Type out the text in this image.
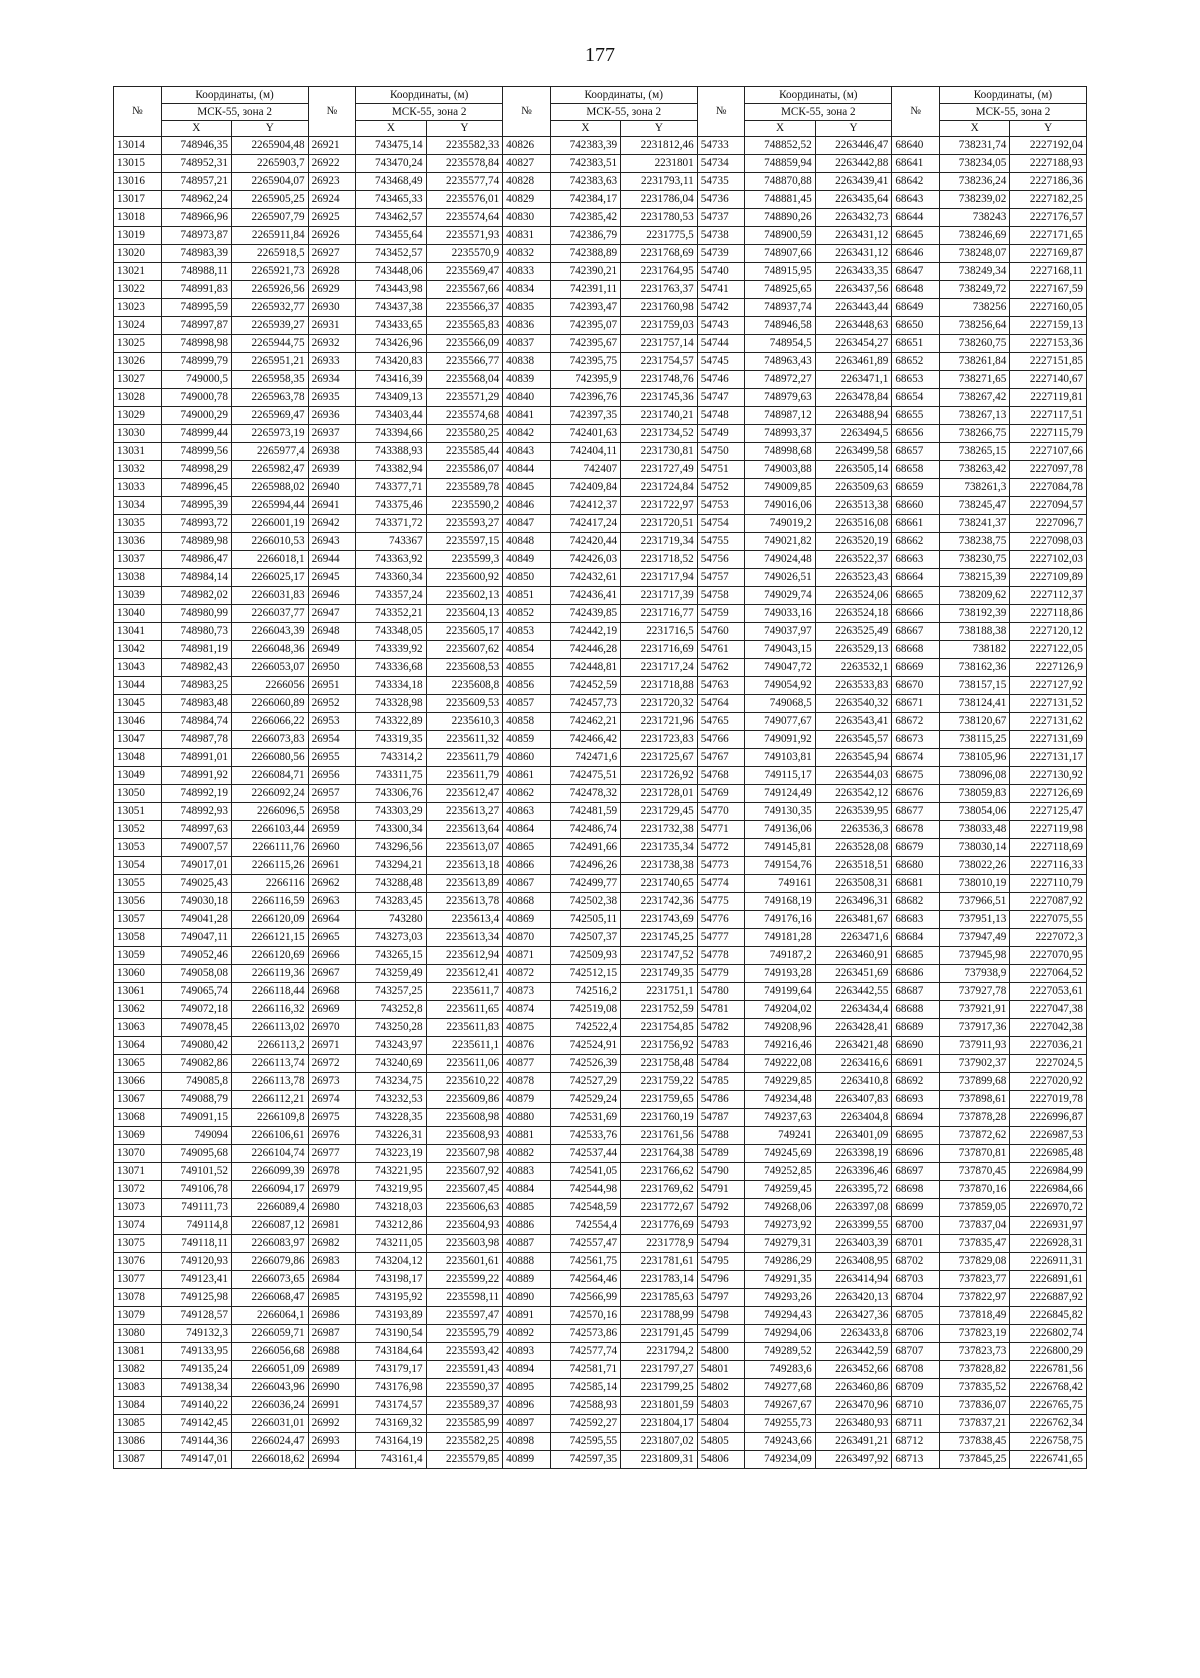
177
№	Координаты, (м)		№	Координаты, (м)		№	Координаты, (м)		№	Координаты, (м)		№	Координаты, (м)	
	МСК-55, зона 2			МСК-55, зона 2			МСК-55, зона 2			МСК-55, зона 2			МСК-55, зона 2	
	X	Y		X	Y		X	Y		X	Y		X	Y
13014	748946,35	2265904,48	26921	743475,14	2235582,33	40826	742383,39	2231812,46	54733	748852,52	2263446,47	68640	738231,74	2227192,04
13015	748952,31	2265903,7	26922	743470,24	2235578,84	40827	742383,51	2231801	54734	748859,94	2263442,88	68641	738234,05	2227188,93
13016	748957,21	2265904,07	26923	743468,49	2235577,74	40828	742383,63	2231793,11	54735	748870,88	2263439,41	68642	738236,24	2227186,36
13017	748962,24	2265905,25	26924	743465,33	2235576,01	40829	742384,17	2231786,04	54736	748881,45	2263435,64	68643	738239,02	2227182,25
13018	748966,96	2265907,79	26925	743462,57	2235574,64	40830	742385,42	2231780,53	54737	748890,26	2263432,73	68644	738243	2227176,57
13019	748973,87	2265911,84	26926	743455,64	2235571,93	40831	742386,79	2231775,5	54738	748900,59	2263431,12	68645	738246,69	2227171,65
13020	748983,39	2265918,5	26927	743452,57	2235570,9	40832	742388,89	2231768,69	54739	748907,66	2263431,12	68646	738248,07	2227169,87
13021	748988,11	2265921,73	26928	743448,06	2235569,47	40833	742390,21	2231764,95	54740	748915,95	2263433,35	68647	738249,34	2227168,11
13022	748991,83	2265926,56	26929	743443,98	2235567,66	40834	742391,11	2231763,37	54741	748925,65	2263437,56	68648	738249,72	2227167,59
13023	748995,59	2265932,77	26930	743437,38	2235566,37	40835	742393,47	2231760,98	54742	748937,74	2263443,44	68649	738256	2227160,05
13024	748997,87	2265939,27	26931	743433,65	2235565,83	40836	742395,07	2231759,03	54743	748946,58	2263448,63	68650	738256,64	2227159,13
13025	748998,98	2265944,75	26932	743426,96	2235566,09	40837	742395,67	2231757,14	54744	748954,5	2263454,27	68651	738260,75	2227153,36
13026	748999,79	2265951,21	26933	743420,83	2235566,77	40838	742395,75	2231754,57	54745	748963,43	2263461,89	68652	738261,84	2227151,85
13027	749000,5	2265958,35	26934	743416,39	2235568,04	40839	742395,9	2231748,76	54746	748972,27	2263471,1	68653	738271,65	2227140,67
13028	749000,78	2265963,78	26935	743409,13	2235571,29	40840	742396,76	2231745,36	54747	748979,63	2263478,84	68654	738267,42	2227119,81
13029	749000,29	2265969,47	26936	743403,44	2235574,68	40841	742397,35	2231740,21	54748	748987,12	2263488,94	68655	738267,13	2227117,51
13030	748999,44	2265973,19	26937	743394,66	2235580,25	40842	742401,63	2231734,52	54749	748993,37	2263494,5	68656	738266,75	2227115,79
13031	748999,56	2265977,4	26938	743388,93	2235585,44	40843	742404,11	2231730,81	54750	748998,68	2263499,58	68657	738265,15	2227107,66
13032	748998,29	2265982,47	26939	743382,94	2235586,07	40844	742407	2231727,49	54751	749003,88	2263505,14	68658	738263,42	2227097,78
13033	748996,45	2265988,02	26940	743377,71	2235589,78	40845	742409,84	2231724,84	54752	749009,85	2263509,63	68659	738261,3	2227084,78
13034	748995,39	2265994,44	26941	743375,46	2235590,2	40846	742412,37	2231722,97	54753	749016,06	2263513,38	68660	738245,47	2227094,57
13035	748993,72	2266001,19	26942	743371,72	2235593,27	40847	742417,24	2231720,51	54754	749019,2	2263516,08	68661	738241,37	2227096,7
13036	748989,98	2266010,53	26943	743367	2235597,15	40848	742420,44	2231719,34	54755	749021,82	2263520,19	68662	738238,75	2227098,03
13037	748986,47	2266018,1	26944	743363,92	2235599,3	40849	742426,03	2231718,52	54756	749024,48	2263522,37	68663	738230,75	2227102,03
13038	748984,14	2266025,17	26945	743360,34	2235600,92	40850	742432,61	2231717,94	54757	749026,51	2263523,43	68664	738215,39	2227109,89
13039	748982,02	2266031,83	26946	743357,24	2235602,13	40851	742436,41	2231717,39	54758	749029,74	2263524,06	68665	738209,62	2227112,37
13040	748980,99	2266037,77	26947	743352,21	2235604,13	40852	742439,85	2231716,77	54759	749033,16	2263524,18	68666	738192,39	2227118,86
13041	748980,73	2266043,39	26948	743348,05	2235605,17	40853	742442,19	2231716,5	54760	749037,97	2263525,49	68667	738188,38	2227120,12
13042	748981,19	2266048,36	26949	743339,92	2235607,62	40854	742446,28	2231716,69	54761	749043,15	2263529,13	68668	738182	2227122,05
13043	748982,43	2266053,07	26950	743336,68	2235608,53	40855	742448,81	2231717,24	54762	749047,72	2263532,1	68669	738162,36	2227126,9
13044	748983,25	2266056	26951	743334,18	2235608,8	40856	742452,59	2231718,88	54763	749054,92	2263533,83	68670	738157,15	2227127,92
13045	748983,48	2266060,89	26952	743328,98	2235609,53	40857	742457,73	2231720,32	54764	749068,5	2263540,32	68671	738124,41	2227131,52
13046	748984,74	2266066,22	26953	743322,89	2235610,3	40858	742462,21	2231721,96	54765	749077,67	2263543,41	68672	738120,67	2227131,62
13047	748987,78	2266073,83	26954	743319,35	2235611,32	40859	742466,42	2231723,83	54766	749091,92	2263545,57	68673	738115,25	2227131,69
13048	748991,01	2266080,56	26955	743314,2	2235611,79	40860	742471,6	2231725,67	54767	749103,81	2263545,94	68674	738105,96	2227131,17
13049	748991,92	2266084,71	26956	743311,75	2235611,79	40861	742475,51	2231726,92	54768	749115,17	2263544,03	68675	738096,08	2227130,92
13050	748992,19	2266092,24	26957	743306,76	2235612,47	40862	742478,32	2231728,01	54769	749124,49	2263542,12	68676	738059,83	2227126,69
13051	748992,93	2266096,5	26958	743303,29	2235613,27	40863	742481,59	2231729,45	54770	749130,35	2263539,95	68677	738054,06	2227125,47
13052	748997,63	2266103,44	26959	743300,34	2235613,64	40864	742486,74	2231732,38	54771	749136,06	2263536,3	68678	738033,48	2227119,98
13053	749007,57	2266111,76	26960	743296,56	2235613,07	40865	742491,66	2231735,34	54772	749145,81	2263528,08	68679	738030,14	2227118,69
13054	749017,01	2266115,26	26961	743294,21	2235613,18	40866	742496,26	2231738,38	54773	749154,76	2263518,51	68680	738022,26	2227116,33
13055	749025,43	2266116	26962	743288,48	2235613,89	40867	742499,77	2231740,65	54774	749161	2263508,31	68681	738010,19	2227110,79
13056	749030,18	2266116,59	26963	743283,45	2235613,78	40868	742502,38	2231742,36	54775	749168,19	2263496,31	68682	737966,51	2227087,92
13057	749041,28	2266120,09	26964	743280	2235613,4	40869	742505,11	2231743,69	54776	749176,16	2263481,67	68683	737951,13	2227075,55
13058	749047,11	2266121,15	26965	743273,03	2235613,34	40870	742507,37	2231745,25	54777	749181,28	2263471,6	68684	737947,49	2227072,3
13059	749052,46	2266120,69	26966	743265,15	2235612,94	40871	742509,93	2231747,52	54778	749187,2	2263460,91	68685	737945,98	2227070,95
13060	749058,08	2266119,36	26967	743259,49	2235612,41	40872	742512,15	2231749,35	54779	749193,28	2263451,69	68686	737938,9	2227064,52
13061	749065,74	2266118,44	26968	743257,25	2235611,7	40873	742516,2	2231751,1	54780	749199,64	2263442,55	68687	737927,78	2227053,61
13062	749072,18	2266116,32	26969	743252,8	2235611,65	40874	742519,08	2231752,59	54781	749204,02	2263434,4	68688	737921,91	2227047,38
13063	749078,45	2266113,02	26970	743250,28	2235611,83	40875	742522,4	2231754,85	54782	749208,96	2263428,41	68689	737917,36	2227042,38
13064	749080,42	2266113,2	26971	743243,97	2235611,1	40876	742524,91	2231756,92	54783	749216,46	2263421,48	68690	737911,93	2227036,21
13065	749082,86	2266113,74	26972	743240,69	2235611,06	40877	742526,39	2231758,48	54784	749222,08	2263416,6	68691	737902,37	2227024,5
13066	749085,8	2266113,78	26973	743234,75	2235610,22	40878	742527,29	2231759,22	54785	749229,85	2263410,8	68692	737899,68	2227020,92
13067	749088,79	2266112,21	26974	743232,53	2235609,86	40879	742529,24	2231759,65	54786	749234,48	2263407,83	68693	737898,61	2227019,78
13068	749091,15	2266109,8	26975	743228,35	2235608,98	40880	742531,69	2231760,19	54787	749237,63	2263404,8	68694	737878,28	2226996,87
13069	749094	2266106,61	26976	743226,31	2235608,93	40881	742533,76	2231761,56	54788	749241	2263401,09	68695	737872,62	2226987,53
13070	749095,68	2266104,74	26977	743223,19	2235607,98	40882	742537,44	2231764,38	54789	749245,69	2263398,19	68696	737870,81	2226985,48
13071	749101,52	2266099,39	26978	743221,95	2235607,92	40883	742541,05	2231766,62	54790	749252,85	2263396,46	68697	737870,45	2226984,99
13072	749106,78	2266094,17	26979	743219,95	2235607,45	40884	742544,98	2231769,62	54791	749259,45	2263395,72	68698	737870,16	2226984,66
13073	749111,73	2266089,4	26980	743218,03	2235606,63	40885	742548,59	2231772,67	54792	749268,06	2263397,08	68699	737859,05	2226970,72
13074	749114,8	2266087,12	26981	743212,86	2235604,93	40886	742554,4	2231776,69	54793	749273,92	2263399,55	68700	737837,04	2226931,97
13075	749118,11	2266083,97	26982	743211,05	2235603,98	40887	742557,47	2231778,9	54794	749279,31	2263403,39	68701	737835,47	2226928,31
13076	749120,93	2266079,86	26983	743204,12	2235601,61	40888	742561,75	2231781,61	54795	749286,29	2263408,95	68702	737829,08	2226911,31
13077	749123,41	2266073,65	26984	743198,17	2235599,22	40889	742564,46	2231783,14	54796	749291,35	2263414,94	68703	737823,77	2226891,61
13078	749125,98	2266068,47	26985	743195,92	2235598,11	40890	742566,99	2231785,63	54797	749293,26	2263420,13	68704	737822,97	2226887,92
13079	749128,57	2266064,1	26986	743193,89	2235597,47	40891	742570,16	2231788,99	54798	749294,43	2263427,36	68705	737818,49	2226845,82
13080	749132,3	2266059,71	26987	743190,54	2235595,79	40892	742573,86	2231791,45	54799	749294,06	2263433,8	68706	737823,19	2226802,74
13081	749133,95	2266056,68	26988	743184,64	2235593,42	40893	742577,74	2231794,2	54800	749289,52	2263442,59	68707	737823,73	2226800,29
13082	749135,24	2266051,09	26989	743179,17	2235591,43	40894	742581,71	2231797,27	54801	749283,6	2263452,66	68708	737828,82	2226781,56
13083	749138,34	2266043,96	26990	743176,98	2235590,37	40895	742585,14	2231799,25	54802	749277,68	2263460,86	68709	737835,52	2226768,42
13084	749140,22	2266036,24	26991	743174,57	2235589,37	40896	742588,93	2231801,59	54803	749267,67	2263470,96	68710	737836,07	2226765,75
13085	749142,45	2266031,01	26992	743169,32	2235585,99	40897	742592,27	2231804,17	54804	749255,73	2263480,93	68711	737837,21	2226762,34
13086	749144,36	2266024,47	26993	743164,19	2235582,25	40898	742595,55	2231807,02	54805	749243,66	2263491,21	68712	737838,45	2226758,75
13087	749147,01	2266018,62	26994	743161,4	2235579,85	40899	742597,35	2231809,31	54806	749234,09	2263497,92	68713	737845,25	2226741,65
